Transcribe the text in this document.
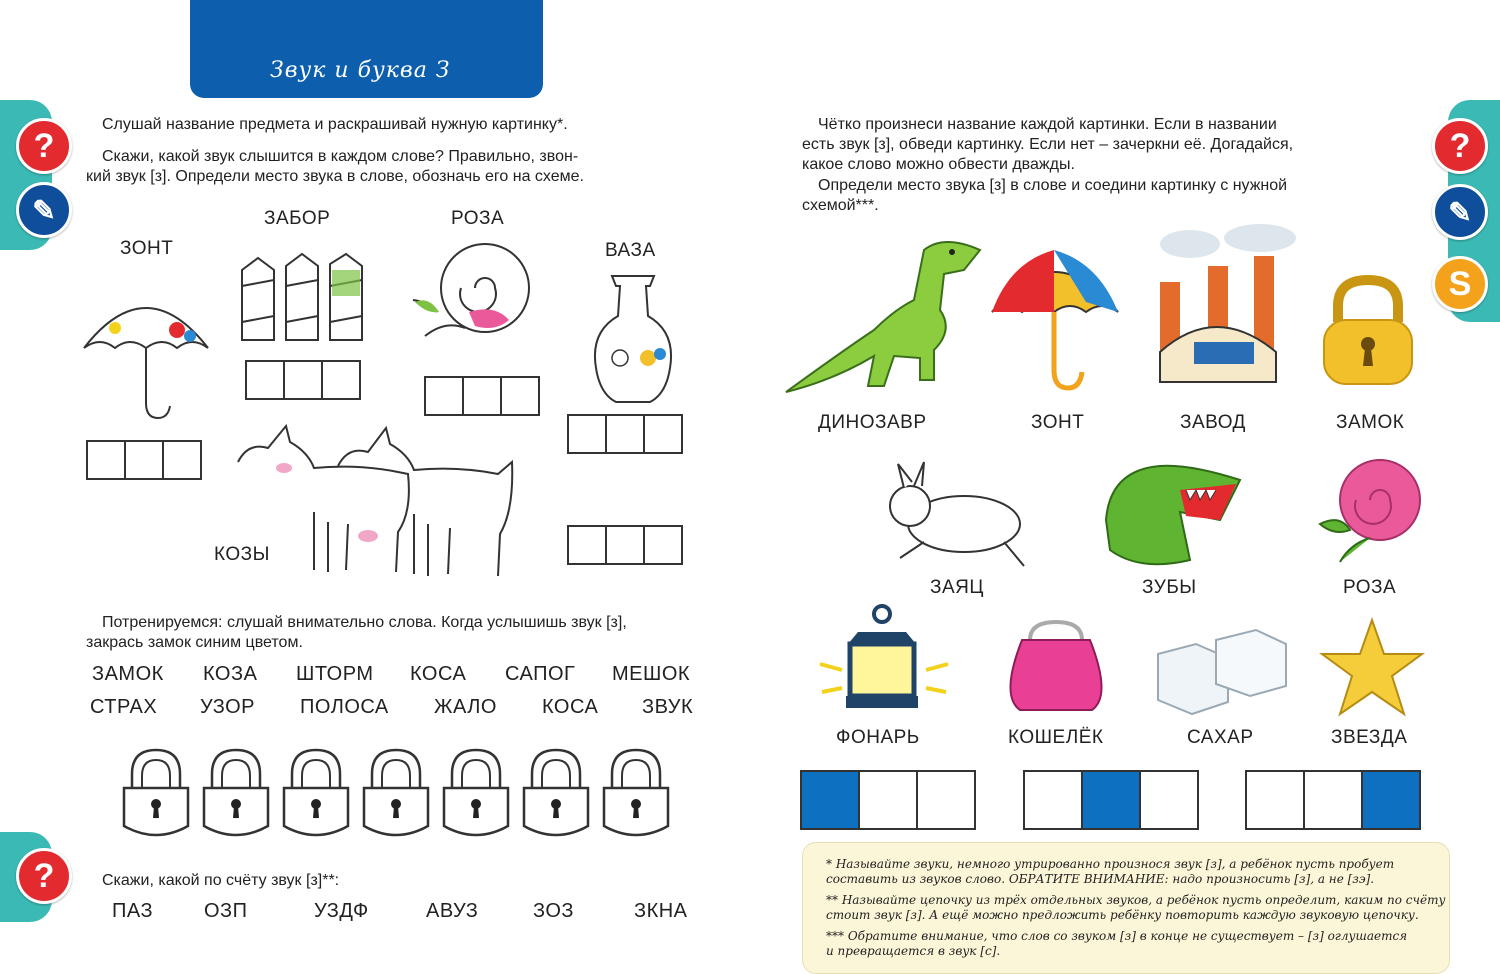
Звук и буква З
?
✎
?
?
✎
S
Слушай название предмета и раскрашивай нужную картинку*.
Скажи, какой звук слышится в каждом слове? Правильно, звон-
кий звук [з]. Определи место звука в слове, обозначь его на схеме.
ЗОНТ
ЗАБОР	РОЗА
ВАЗА
КОЗЫ
Потренируемся: слушай внимательно слова. Когда услышишь звук [з],
закрась замок синим цветом.
ЗАМОК КОЗА ШТОРМ КОСА САПОГ МЕШОК
СТРАХ УЗОР ПОЛОСА ЖАЛО КОСА ЗВУК
Скажи, какой по счёту звук [з]**:
ПАЗ	ОЗП	УЗДФ	АВУЗ	ЗОЗ	ЗКНА
Чётко произнеси название каждой картинки. Если в названии
есть звук [з], обведи картинку. Если нет – зачеркни её. Догадайся,
какое слово можно обвести дважды.
Определи место звука [з] в слове и соедини картинку с нужной
схемой***.
ДИНОЗАВР	ЗОНТ	ЗАВОД	ЗАМОК
ЗАЯЦ	ЗУБЫ	РОЗА
ФОНАРЬ	КОШЕЛЁК	САХАР	ЗВЕЗДА
* Называйте звуки, немного утрированно произнося звук [з], а ребёнок пусть пробует
составить из звуков слово. ОБРАТИТЕ ВНИМАНИЕ: надо произносить [з], а не [зэ].
** Называйте цепочку из трёх отдельных звуков, а ребёнок пусть определит, каким по счёту
стоит звук [з]. А ещё можно предложить ребёнку повторить каждую звуковую цепочку.
*** Обратите внимание, что слов со звуком [з] в конце не существует – [з] оглушается
и превращается в звук [с].
